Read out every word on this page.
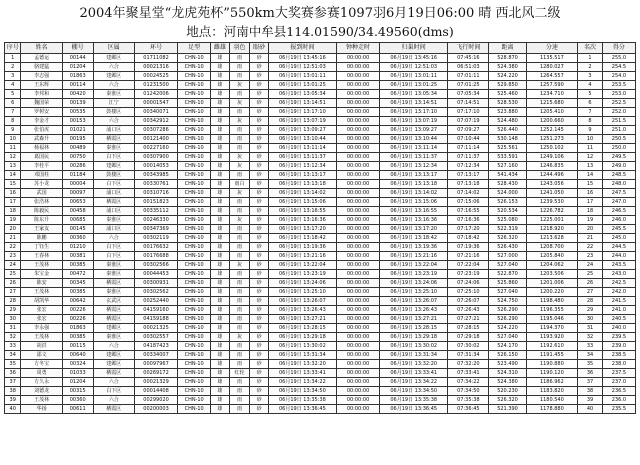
2004年聚星堂“龙虎苑杯”550km大奖赛参赛1097羽6月19日06:00 晴 西北风二级
地点：河南中牟县114.01590/34.49560(dms)
序号	姓名	棚号	区属	环号	足型	雌雄	羽色	眼砂	报到时间	钟种走时	归巢时间	飞行时间	距离	分速	名次	得分
1	孟德运	00144	建邺区	01711082	CHN-10	雄	雨	砂	06月19日 13:45:16	00:00:00	06月19日 13:45:16	07:45:16	528.870	1135.517	1	255.0
2	骆建猛	01204	六合	00021316	CHN-10	雄	雨	砂	06月19日 12:51:03	00:00:00	06月19日 12:51:03	06:51:03	524.380	1280.027	2	254.5
3	李志强	01863	建邺区	00024525	CHN-10	雄	雨	砂	06月19日 13:01:11	00:00:00	06月19日 13:01:11	07:01:11	524.220	1264.557	3	254.0
4	王东辉	00114	六合	01231500	CHN-10	雄	灰	砂	06月19日 13:01:25	00:00:00	06月19日 13:01:25	07:01:25	529.850	1257.590	4	253.5
5	李邦和	00420	秦淮区	01242006	CHN-10	雄	雨	砂	06月19日 13:05:34	00:00:00	06月19日 13:05:34	07:05:34	525.460	1234.710	5	253.0
6	魏国荣	00139	江宁	00001547	CHN-10	雄	灰	砂	06月19日 13:14:51	00:00:00	06月19日 13:14:51	07:14:51	528.530	1215.680	6	252.5
7	罗树安	00535	鼓楼区	00340071	CHN-10	雄	雨	砂	06月19日 13:17:10	00:00:00	06月19日 13:17:10	07:17:10	523.880	1205.410	7	252.0
8	李金才	00153	六合	00342912	CHN-10	雄	灰	砂	06月19日 13:07:19	00:00:00	06月19日 13:07:19	07:07:19	524.480	1200.660	8	251.5
9	张伯虎	01021	浦口区	00307286	CHN-10	雄	雨	砂	06月19日 13:09:27	00:00:00	06月19日 13:09:27	07:09:27	526.440	1252.145	9	251.0
10	武森升	00195	栖霞区	00121400	CHN-10	雄	雨	砂	06月19日 13:10:44	00:00:00	06月19日 13:10:44	07:10:44	530.148	1251.273	10	250.5
11	杨福林	00489	秦淮区	00227160	CHN-10	雄	雨	砂	06月19日 13:11:14	00:00:00	06月19日 13:11:14	07:11:14	525.561	1250.102	11	250.0
12	葛国民	00750	白下区	00307900	CHN-10	雄	灰	砂	06月19日 13:11:37	00:00:00	06月19日 13:11:37	07:11:37	533.591	1249.106	12	249.5
13	李桂平	00286	建邺区	00014053	CHN-10	雄	灰	砂	06月19日 13:12:34	00:00:00	06月19日 13:12:34	07:12:34	527.160	1246.835	13	249.0
14	邓国柱	01184	鼓楼区	00343985	CHN-10	雄	雨	砂	06月19日 13:13:17	00:00:00	06月19日 13:13:17	07:13:17	541.434	1244.496	14	248.5
15	苏小龙	00004	白下区	00330761	CHN-10	雄	雨白	砂	06月19日 13:13:18	00:00:00	06月19日 13:13:18	07:13:18	528.430	1243.056	15	248.0
16	武国	00097	浦口区	00310716	CHN-10	雄	灰	砂	06月19日 13:14:02	00:00:00	06月19日 13:14:02	07:14:02	524.000	1241.050	16	247.5
17	张浩林	00653	栖霞区	00151823	CHN-10	雄	雨	砂	06月19日 13:15:06	00:00:00	06月19日 13:15:06	07:15:06	526.153	1239.530	17	247.0
18	陈毅民	00458	浦口区	00335112	CHN-10	雄	雨	砂	06月19日 13:16:55	00:00:00	06月19日 13:16:55	07:16:55	520.534	1226.782	18	246.5
19	陈东升	00685	秦淮区	00246330	CHN-10	雄	灰	砂	06月19日 13:16:36	00:00:00	06月19日 13:16:36	07:16:36	525.080	1225.001	19	246.0
20	王家友	00145	浦口区	00347369	CHN-10	雄	雨	砂	06月19日 13:17:20	00:00:00	06月19日 13:17:20	07:17:20	522.319	1218.920	20	245.5
21	陈鹏	00360	六合	00302119	CHN-10	雄	雨	砂	06月19日 13:18:42	00:00:00	06月19日 13:18:42	07:18:42	526.320	1213.628	21	245.0
22	丁钰生	01210	白下区	00176632	CHN-10	雄	雨	砂	06月19日 13:19:36	00:00:00	06月19日 13:19:36	07:19:36	526.430	1208.700	22	244.5
23	王春林	00381	白下区	00176688	CHN-10	雄	雨	砂	06月19日 13:21:16	00:00:00	06月19日 13:21:16	07:21:16	527.000	1205.840	23	244.0
24	王茂林	00385	秦淮区	00302566	CHN-10	雄	灰	砂	06月19日 13:22:04	00:00:00	06月19日 13:22:04	07:22:04	527.040	1204.062	24	243.5
25	朱宝金	00472	秦淮区	00044453	CHN-10	雄	雨	砂	06月19日 13:23:19	00:00:00	06月19日 13:23:19	07:23:19	522.870	1203.506	25	243.0
26	陈安	00345	栖霞区	00300931	CHN-10	雄	雨	砂	06月19日 13:24:06	00:00:00	06月19日 13:24:06	07:24:06	525.860	1201.006	26	242.5
27	王茂林	00385	秦淮区	00302562	CHN-10	雄	雨	砂	06月19日 13:25:10	00:00:00	06月19日 13:25:10	07:25:10	527.040	1200.220	27	242.0
28	胡凯华	00642	玄武区	00252440	CHN-10	雄	雨	砂	06月19日 13:26:07	00:00:00	06月19日 13:26:07	07:26:07	524.750	1198.480	28	241.5
29	张宏	00226	栖霞区	04159160	CHN-10	雄	雨	砂	06月19日 13:26:43	00:00:00	06月19日 13:26:43	07:26:43	526.290	1196.355	29	241.0
30	张宏	00226	栖霞区	04159188	CHN-10	雄	雨	砂	06月19日 13:27:21	00:00:00	06月19日 13:27:21	07:27:21	526.290	1195.046	30	240.5
31	李永强	01863	建邺区	00021325	CHN-10	雄	雨	砂	06月19日 13:28:15	00:00:00	06月19日 13:28:15	07:28:15	524.220	1194.370	31	240.0
32	王茂林	00385	秦淮区	00302557	CHN-10	雄	灰	砂	06月19日 13:29:18	00:00:00	06月19日 13:29:18	07:29:18	527.040	1193.920	32	239.5
33	胡洪	00115	六合	04187423	CHN-10	雄	雨	砂	06月19日 13:30:02	00:00:00	06月19日 13:30:02	07:30:02	524.170	1192.610	33	239.0
34	邵文	00640	建邺区	00334007	CHN-10	雄	雨	砂	06月19日 13:31:34	00:00:00	06月19日 13:31:34	07:31:34	526.150	1191.455	34	238.5
35	方冬宝	00324	建邺区	00097967	CHN-10	雄	雨	砂	06月19日 13:32:20	00:00:00	06月19日 13:32:20	07:32:20	523.490	1190.880	35	238.0
36	周勇	01033	栖霞区	00269172	CHN-10	雄	红轮	砂	06月19日 13:33:41	00:00:00	06月19日 13:33:41	07:33:41	524.310	1190.120	36	237.5
37	方久永	01204	六合	00021329	CHN-10	雄	雨	砂	06月19日 13:34:22	00:00:00	06月19日 13:34:22	07:34:22	524.380	1186.962	37	237.0
38	刘德龙	00315	白下区	00014408	CHN-10	雄	雨	砂	06月19日 13:34:50	00:00:00	06月19日 13:34:50	07:34:50	520.230	1183.820	38	236.5
39	王茂林	00360	六合	00299020	CHN-10	雄	雨	砂	06月19日 13:35:38	00:00:00	06月19日 13:35:38	07:35:38	526.320	1180.540	39	236.0
40	华扬	00611	栖霞区	00200003	CHN-10	雄	雨	砂	06月19日 13:36:45	00:00:00	06月19日 13:36:45	07:36:45	521.390	1178.880	40	235.5
